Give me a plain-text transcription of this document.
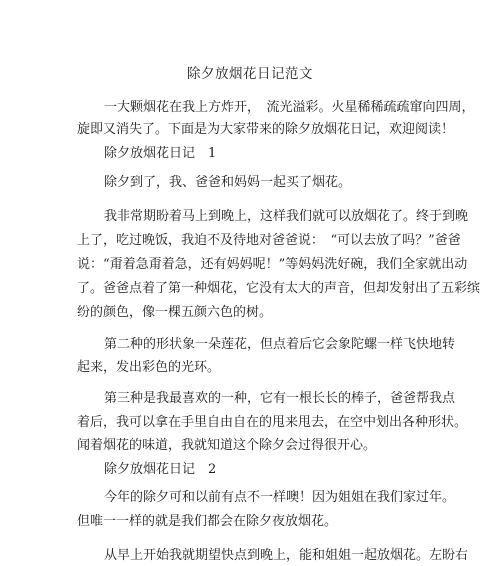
除夕放烟花日记范文
一大颗烟花在我上方炸开，　流光溢彩。火星稀稀疏疏窜向四周，
旋即又消失了。下面是为大家带来的除夕放烟花日记，欢迎阅读！
除夕放烟花日记　1
除夕到了，我、爸爸和妈妈一起买了烟花。
我非常期盼着马上到晚上，这样我们就可以放烟花了。终于到晚
上了，吃过晚饭，我迫不及待地对爸爸说：　“可以去放了吗？”爸爸
说：“甭着急甭着急，还有妈妈呢！”等妈妈洗好碗，我们全家就出动
了。爸爸点着了第一种烟花，它没有太大的声音，但却发射出了五彩缤
纷的颜色，像一棵五颜六色的树。
第二种的形状象一朵莲花，但点着后它会象陀螺一样飞快地转
起来，发出彩色的光环。
第三种是我最喜欢的一种，它有一根长长的棒子，爸爸帮我点
着后，我可以拿在手里自由自在的甩来甩去，在空中划出各种形状。
闻着烟花的味道，我就知道这个除夕会过得很开心。
除夕放烟花日记　2
今年的除夕可和以前有点不一样噢！因为姐姐在我们家过年。
但唯一一样的就是我们都会在除夕夜放烟花。
从早上开始我就期望快点到晚上，能和姐姐一起放烟花。左盼右
